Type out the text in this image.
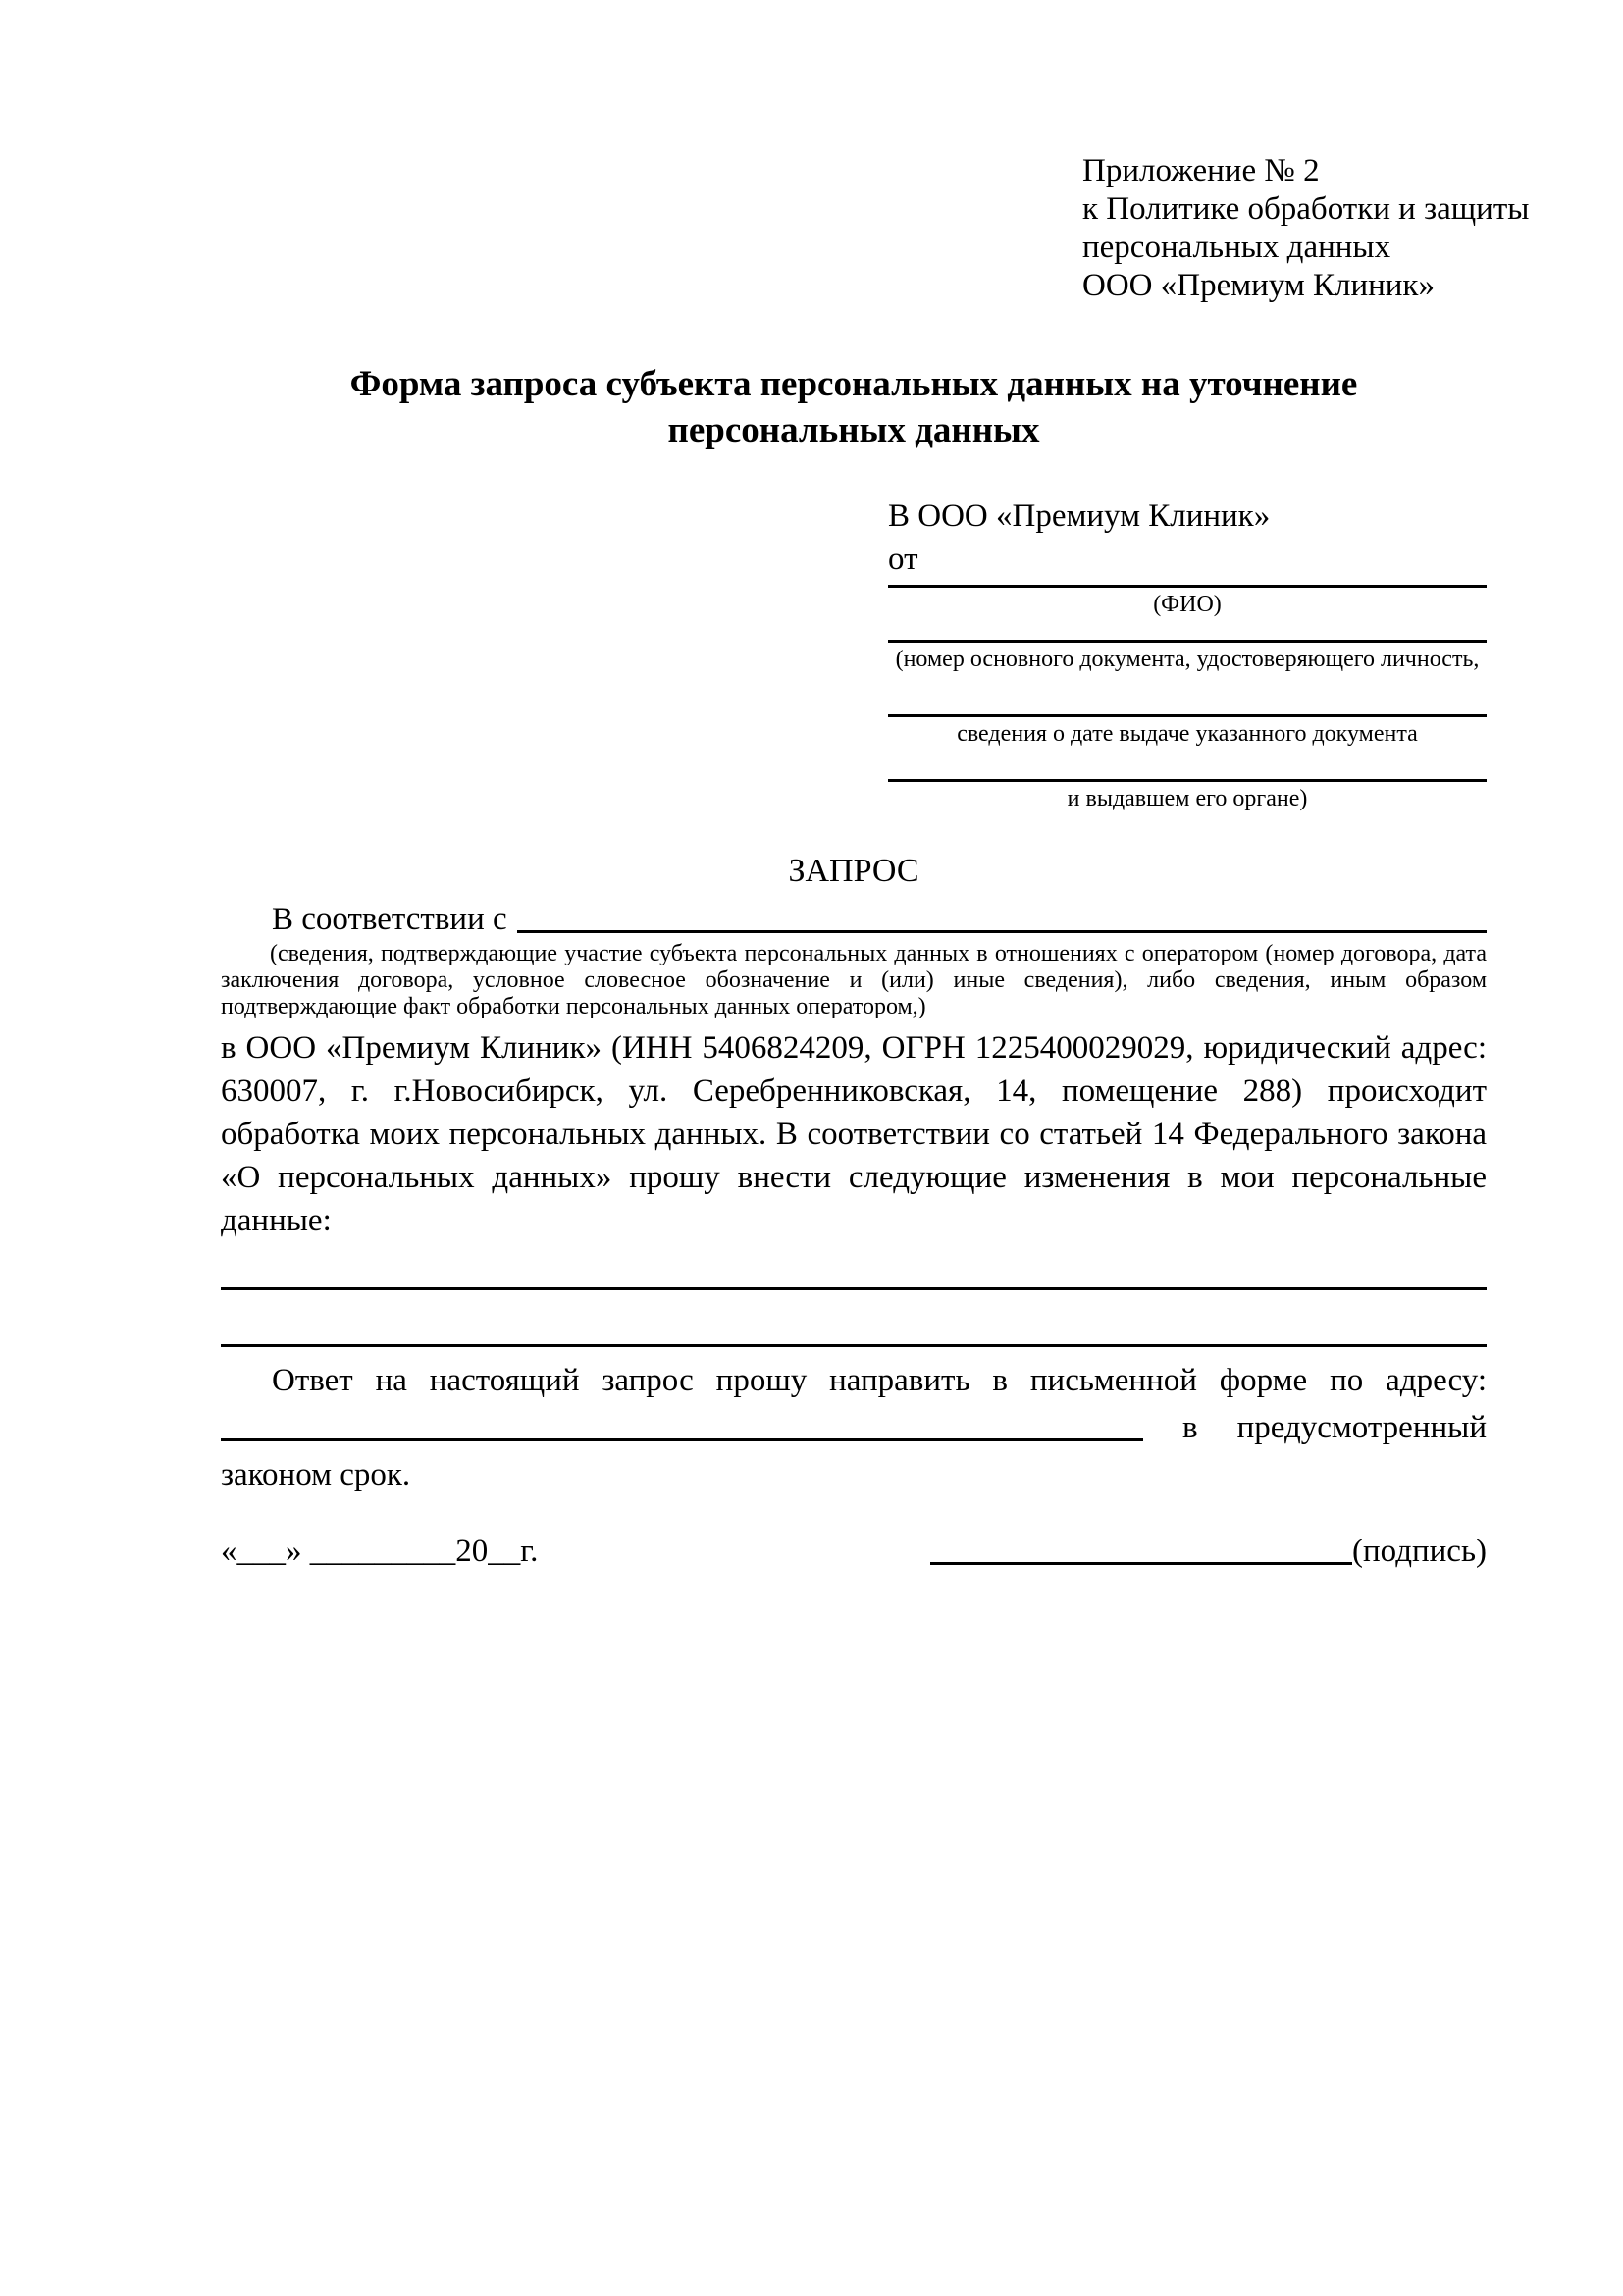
Приложение № 2
к Политике обработки и защиты
персональных данных
ООО «Премиум Клиник»
Форма запроса субъекта персональных данных на уточнение персональных данных
В ООО «Премиум Клиник»
от
(ФИО)
(номер основного документа, удостоверяющего личность,
сведения о дате выдаче указанного документа
и выдавшем его органе)
ЗАПРОС
В соответствии с

(сведения, подтверждающие участие субъекта персональных данных в отношениях с оператором (номер договора, дата заключения договора, условное словесное обозначение и (или) иные сведения), либо сведения, иным образом подтверждающие факт обработки персональных данных оператором,)

в ООО «Премиум Клиник» (ИНН 5406824209, ОГРН 1225400029029, юридический адрес: 630007, г. г.Новосибирск, ул. Серебренниковская, 14, помещение 288) происходит обработка моих персональных данных. В соответствии со статьей 14 Федерального закона «О персональных данных» прошу внести следующие изменения в мои персональные данные:

Ответ на настоящий запрос прошу направить в письменной форме по адресу:
в предусмотренный
законом срок.
«___» _________20__г.	(подпись)
